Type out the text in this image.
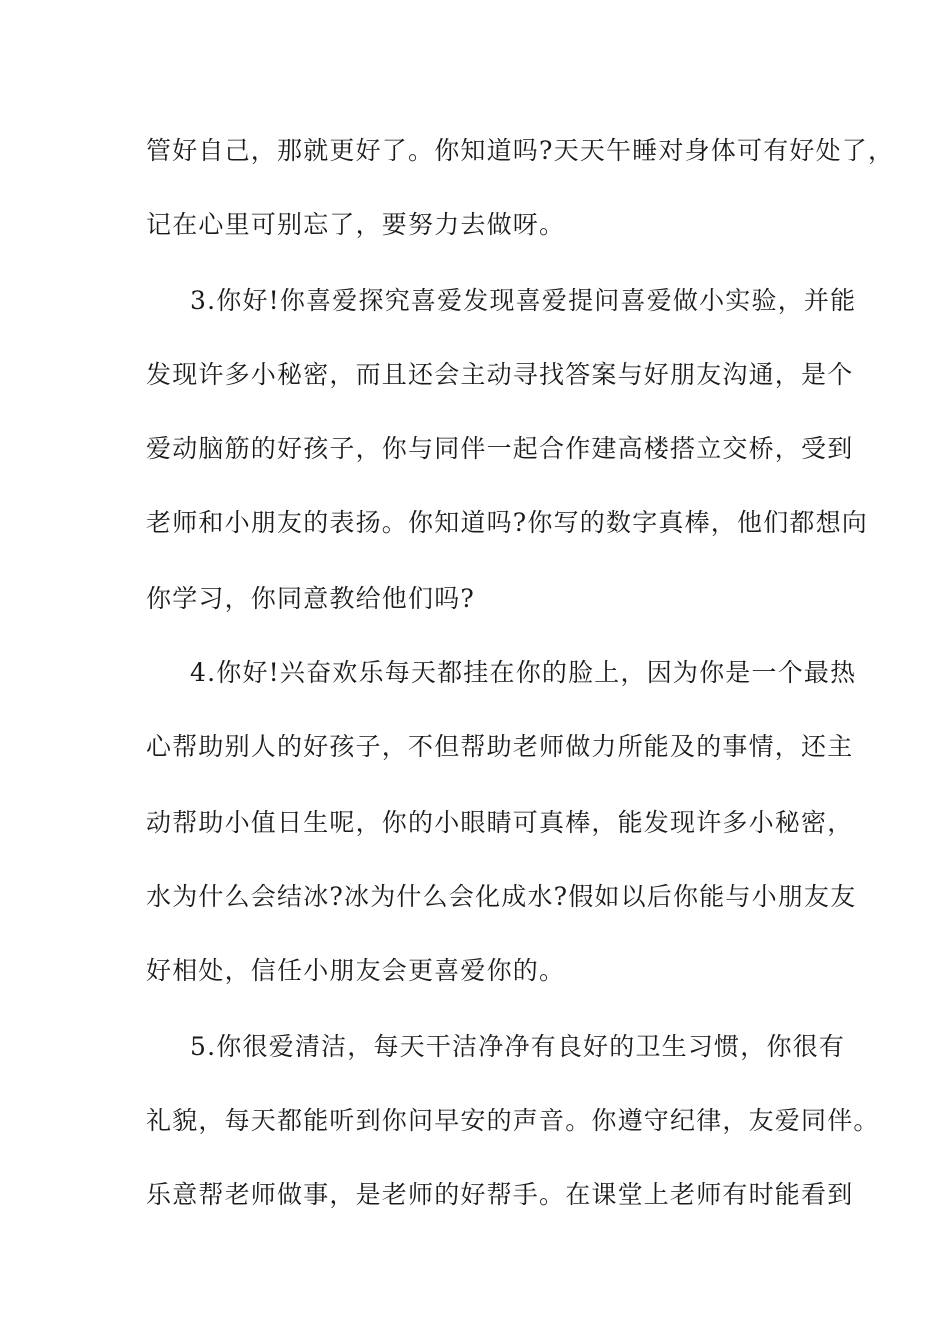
管好自己，那就更好了。你知道吗?天天午睡对身体可有好处了，
记在心里可别忘了，要努力去做呀。
3.你好!你喜爱探究喜爱发现喜爱提问喜爱做小实验，并能
发现许多小秘密，而且还会主动寻找答案与好朋友沟通，是个
爱动脑筋的好孩子，你与同伴一起合作建高楼搭立交桥，受到
老师和小朋友的表扬。你知道吗?你写的数字真棒，他们都想向
你学习，你同意教给他们吗?
4.你好!兴奋欢乐每天都挂在你的脸上，因为你是一个最热
心帮助别人的好孩子，不但帮助老师做力所能及的事情，还主
动帮助小值日生呢，你的小眼睛可真棒，能发现许多小秘密，
水为什么会结冰?冰为什么会化成水?假如以后你能与小朋友友
好相处，信任小朋友会更喜爱你的。
5.你很爱清洁，每天干洁净净有良好的卫生习惯，你很有
礼貌，每天都能听到你问早安的声音。你遵守纪律，友爱同伴。
乐意帮老师做事，是老师的好帮手。在课堂上老师有时能看到
